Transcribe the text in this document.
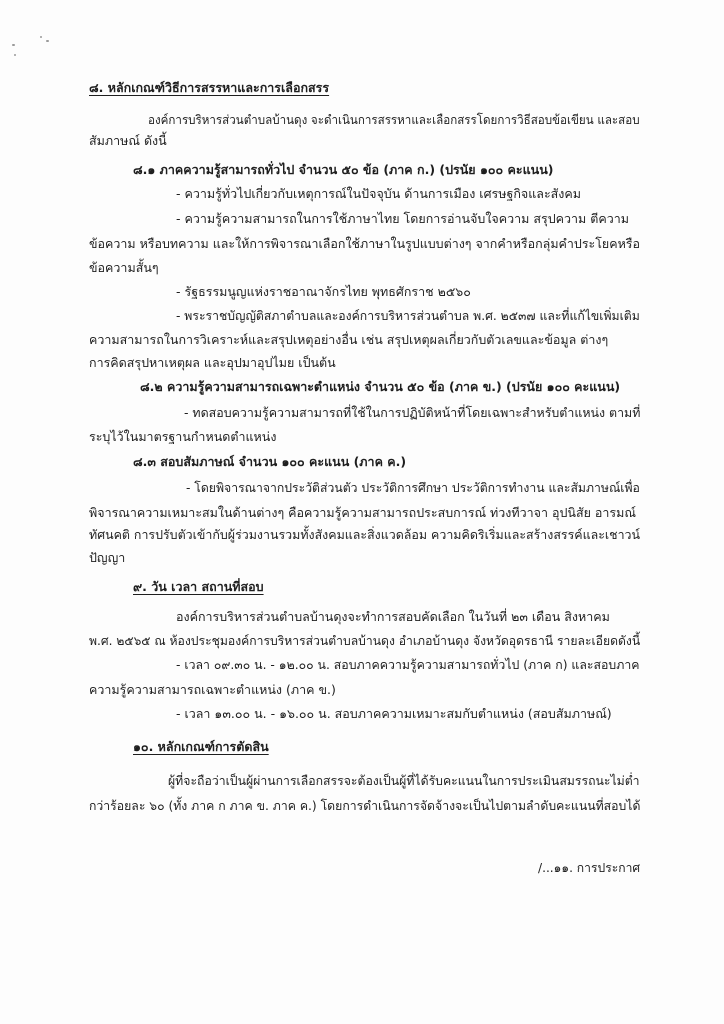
๘. หลักเกณฑ์วิธีการสรรหาและการเลือกสรร
องค์การบริหารส่วนตำบลบ้านดุง จะดำเนินการสรรหาและเลือกสรรโดยการวิธีสอบข้อเขียน และสอบ
สัมภาษณ์ ดังนี้
๘.๑ ภาคความรู้สามารถทั่วไป จำนวน ๕๐ ข้อ (ภาค ก.) (ปรนัย ๑๐๐ คะแนน)
- ความรู้ทั่วไปเกี่ยวกับเหตุการณ์ในปัจจุบัน ด้านการเมือง เศรษฐกิจและสังคม
- ความรู้ความสามารถในการใช้ภาษาไทย โดยการอ่านจับใจความ สรุปความ ตีความ
ข้อความ หรือบทความ และให้การพิจารณาเลือกใช้ภาษาในรูปแบบต่างๆ จากคำหรือกลุ่มคำประโยคหรือ
ข้อความสั้นๆ
- รัฐธรรมนูญแห่งราชอาณาจักรไทย พุทธศักราช ๒๕๖๐
- พระราชบัญญัติสภาตำบลและองค์การบริหารส่วนตำบล พ.ศ. ๒๕๓๗ และที่แก้ไขเพิ่มเติม
ความสามารถในการวิเคราะห์และสรุปเหตุอย่างอื่น เช่น สรุปเหตุผลเกี่ยวกับตัวเลขและข้อมูล ต่างๆ
การคิดสรุปหาเหตุผล และอุปมาอุปไมย เป็นต้น
๘.๒ ความรู้ความสามารถเฉพาะตำแหน่ง จำนวน ๕๐ ข้อ (ภาค ข.) (ปรนัย ๑๐๐ คะแนน)
- ทดสอบความรู้ความสามารถที่ใช้ในการปฏิบัติหน้าที่โดยเฉพาะสำหรับตำแหน่ง ตามที่
ระบุไว้ในมาตรฐานกำหนดตำแหน่ง
๘.๓ สอบสัมภาษณ์ จำนวน ๑๐๐ คะแนน (ภาค ค.)
- โดยพิจารณาจากประวัติส่วนตัว ประวัติการศึกษา ประวัติการทำงาน และสัมภาษณ์เพื่อ
พิจารณาความเหมาะสมในด้านต่างๆ คือความรู้ความสามารถประสบการณ์ ท่วงทีวาจา อุปนิสัย อารมณ์
ทัศนคติ การปรับตัวเข้ากับผู้ร่วมงานรวมทั้งสังคมและสิ่งแวดล้อม ความคิดริเริ่มและสร้างสรรค์และเชาวน์
ปัญญา
๙. วัน เวลา สถานที่สอบ
องค์การบริหารส่วนตำบลบ้านดุงจะทำการสอบคัดเลือก ในวันที่ ๒๓ เดือน สิงหาคม
พ.ศ. ๒๕๖๕ ณ ห้องประชุมองค์การบริหารส่วนตำบลบ้านดุง อำเภอบ้านดุง จังหวัดอุดรธานี รายละเอียดดังนี้
- เวลา ๐๙.๓๐ น. - ๑๒.๐๐ น. สอบภาคความรู้ความสามารถทั่วไป (ภาค ก) และสอบภาค
ความรู้ความสามารถเฉพาะตำแหน่ง (ภาค ข.)
- เวลา ๑๓.๐๐ น. - ๑๖.๐๐ น. สอบภาคความเหมาะสมกับตำแหน่ง (สอบสัมภาษณ์)
๑๐. หลักเกณฑ์การตัดสิน
ผู้ที่จะถือว่าเป็นผู้ผ่านการเลือกสรรจะต้องเป็นผู้ที่ได้รับคะแนนในการประเมินสมรรถนะไม่ต่ำ
กว่าร้อยละ ๖๐ (ทั้ง ภาค ก ภาค ข. ภาค ค.) โดยการดำเนินการจัดจ้างจะเป็นไปตามลำดับคะแนนที่สอบได้
/...๑๑. การประกาศ
